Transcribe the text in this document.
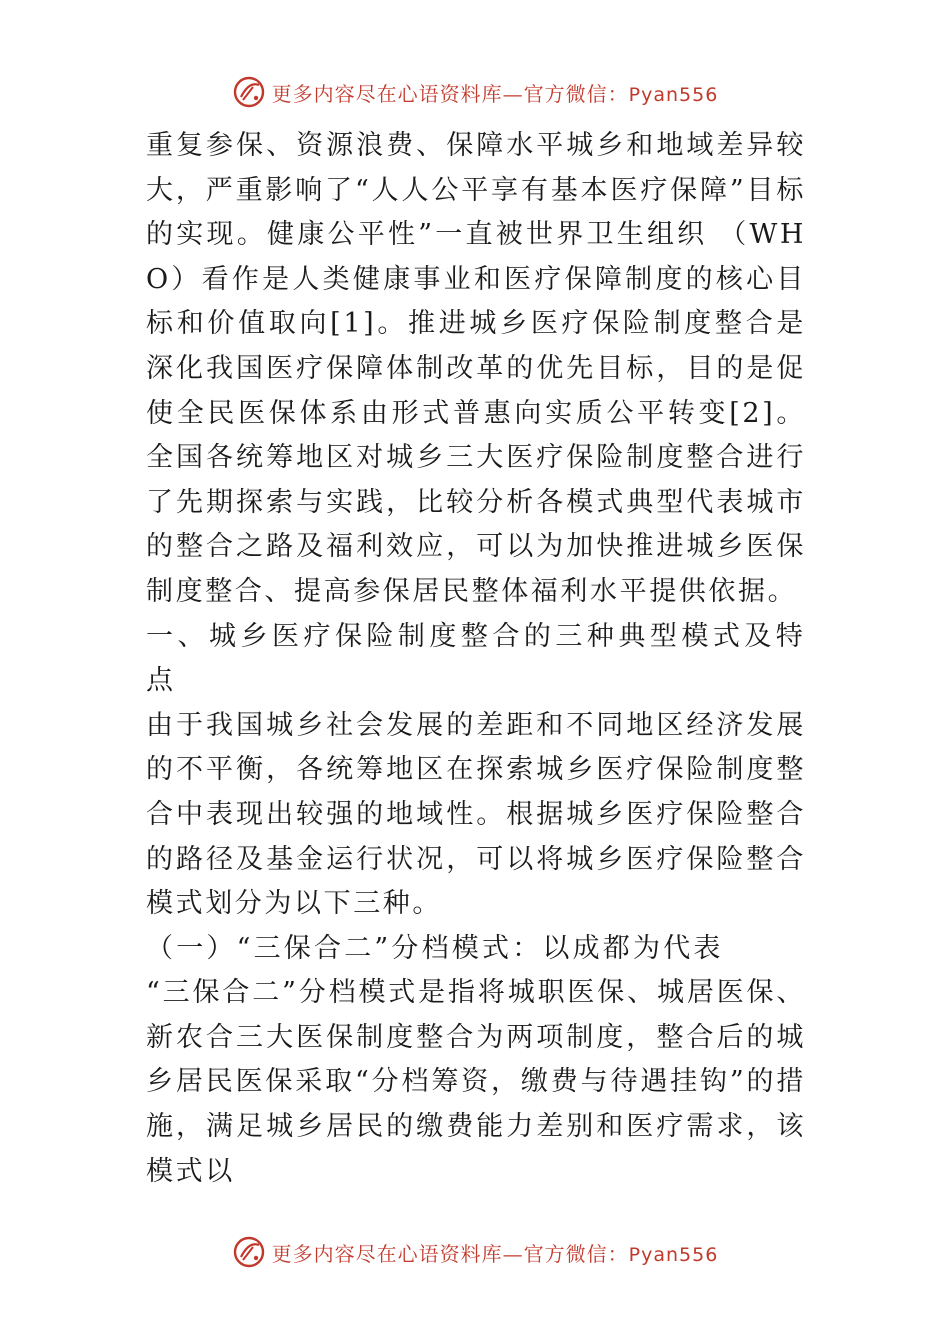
更多内容尽在心语资料库—官方微信：Pyan556

重复参保、资源浪费、保障水平城乡和地域差异较大，严重影响了“人人公平享有基本医疗保障”目标的实现。健康公平性”一直被世界卫生组织 （WHO）看作是人类健康事业和医疗保障制度的核心目标和价值取向[1]。推进城乡医疗保险制度整合是深化我国医疗保障体制改革的优先目标，目的是促使全民医保体系由形式普惠向实质公平转变[2]。全国各统筹地区对城乡三大医疗保险制度整合进行了先期探索与实践，比较分析各模式典型代表城市的整合之路及福利效应，可以为加快推进城乡医保制度整合、提高参保居民整体福利水平提供依据。

一、城乡医疗保险制度整合的三种典型模式及特点

由于我国城乡社会发展的差距和不同地区经济发展的不平衡，各统筹地区在探索城乡医疗保险制度整合中表现出较强的地域性。根据城乡医疗保险整合的路径及基金运行状况，可以将城乡医疗保险整合模式划分为以下三种。

（一）“三保合二”分档模式：以成都为代表

“三保合二”分档模式是指将城职医保、城居医保、新农合三大医保制度整合为两项制度，整合后的城乡居民医保采取“分档筹资，缴费与待遇挂钩”的措施，满足城乡居民的缴费能力差别和医疗需求，该模式以

更多内容尽在心语资料库—官方微信：Pyan556
